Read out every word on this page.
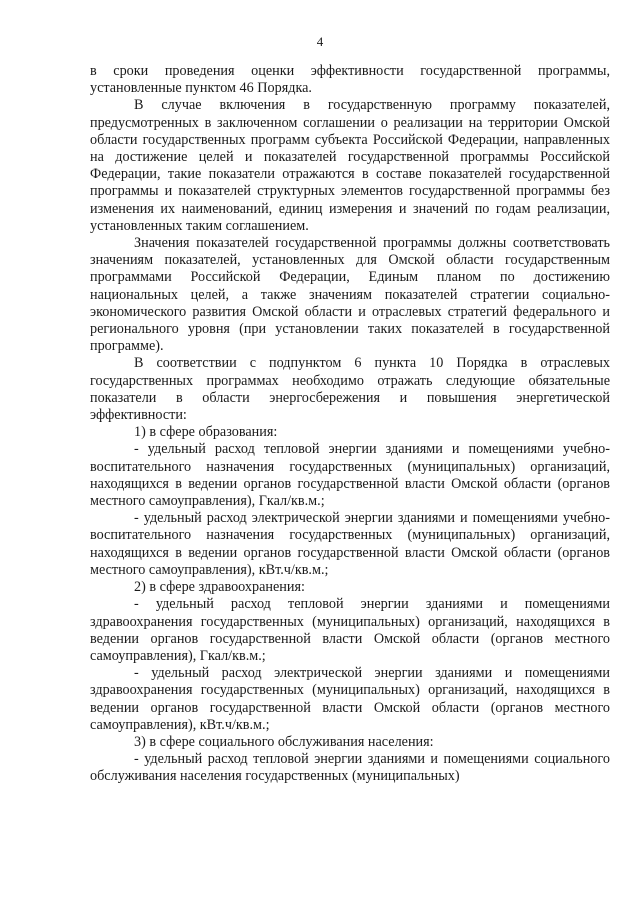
4

в сроки проведения оценки эффективности государственной программы, установленные пунктом 46 Порядка.

В случае включения в государственную программу показателей, предусмотренных в заключенном соглашении о реализации на территории Омской области государственных программ субъекта Российской Федерации, направленных на достижение целей и показателей государственной программы Российской Федерации, такие показатели отражаются в составе показателей государственной программы и показателей структурных элементов государственной программы без изменения их наименований, единиц измерения и значений по годам реализации, установленных таким соглашением.

Значения показателей государственной программы должны соответствовать значениям показателей, установленных для Омской области государственным программами Российской Федерации, Единым планом по достижению национальных целей, а также значениям показателей стратегии социально-экономического развития Омской области и отраслевых стратегий федерального и регионального уровня (при установлении таких показателей в государственной программе).

В соответствии с подпунктом 6 пункта 10 Порядка в отраслевых государственных программах необходимо отражать следующие обязательные показатели в области энергосбережения и повышения энергетической эффективности:

1) в сфере образования:

- удельный расход тепловой энергии зданиями и помещениями учебно-воспитательного назначения государственных (муниципальных) организаций, находящихся в ведении органов государственной власти Омской области (органов местного самоуправления), Гкал/кв.м.;

- удельный расход электрической энергии зданиями и помещениями учебно-воспитательного назначения государственных (муниципальных) организаций, находящихся в ведении органов государственной власти Омской области (органов местного самоуправления), кВт.ч/кв.м.;

2) в сфере здравоохранения:

- удельный расход тепловой энергии зданиями и помещениями здравоохранения государственных (муниципальных) организаций, находящихся в ведении органов государственной власти Омской области (органов местного самоуправления), Гкал/кв.м.;

- удельный расход электрической энергии зданиями и помещениями здравоохранения государственных (муниципальных) организаций, находящихся в ведении органов государственной власти Омской области (органов местного самоуправления), кВт.ч/кв.м.;

3) в сфере социального обслуживания населения:

- удельный расход тепловой энергии зданиями и помещениями социального обслуживания населения государственных (муниципальных)
